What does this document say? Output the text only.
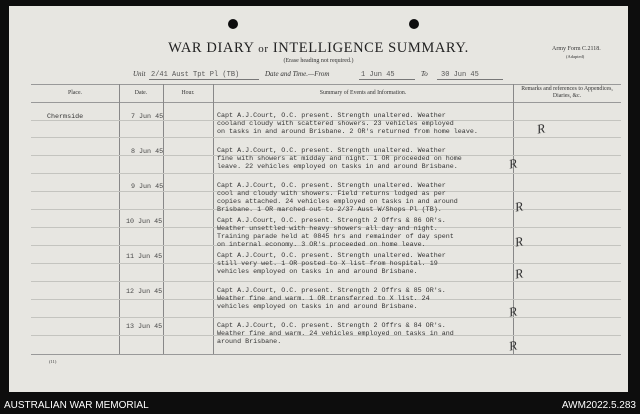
WAR DIARY or INTELLIGENCE SUMMARY.
(Erase heading not required.)
Army Form C.2118.
(Adapted)
Unit 2/41 Aust Tpt Pl (TB)	Date and Time.—From	1 Jun 45	To 30 Jun 45
Place.	Date.	Hour.	Summary of Events and Information.
Remarks and references to Appendices, Diaries, &c.
Chermside	7 Jun 45	Capt A.J.Court, O.C. present. Strength unaltered. Weather
cooland cloudy with scattered showers. 23 vehicles employed
on tasks in and around Brisbane. 2 OR's returned from home leave.	R
8 Jun 45	Capt A.J.Court, O.C. present. Strength unaltered. Weather
fine with showers at midday and night. 1 OR proceeded on home
leave. 22 vehicles employed on tasks in and around Brisbane.	R
9 Jun 45	Capt A.J.Court, O.C. present. Strength unaltered. Weather
cool and cloudy with showers. Field returns lodged as per
copies attached. 24 vehicles employed on tasks in and around
Brisbane. 1 OR marched out to 2/37 Aust W/Shops Pl (TB).	R
10 Jun 45	Capt A.J.Court, O.C. present. Strength 2 Offrs & 86 OR's.
Weather unsettled with heavy showers all day and night.
Training parade held at 0845 hrs and remainder of day spent
on internal economy. 3 OR's proceeded on home leave.	R
11 Jun 45	Capt A.J.Court, O.C. present. Strength unaltered. Weather
still very wet. 1 OR posted to X list from hospital. 19
vehicles employed on tasks in and around Brisbane.	R
12 Jun 45	Capt A.J.Court, O.C. present. Strength 2 Offrs & 85 OR's.
Weather fine and warm. 1 OR transferred to X list. 24
vehicles employed on tasks in and around Brisbane.	R
13 Jun 45	Capt A.J.Court, O.C. present. Strength 2 Offrs & 84 OR's.
Weather fine and warm. 24 vehicles employed on tasks in and
around Brisbane.	R
(11)
AUSTRALIAN WAR MEMORIAL	AWM2022.5.283
